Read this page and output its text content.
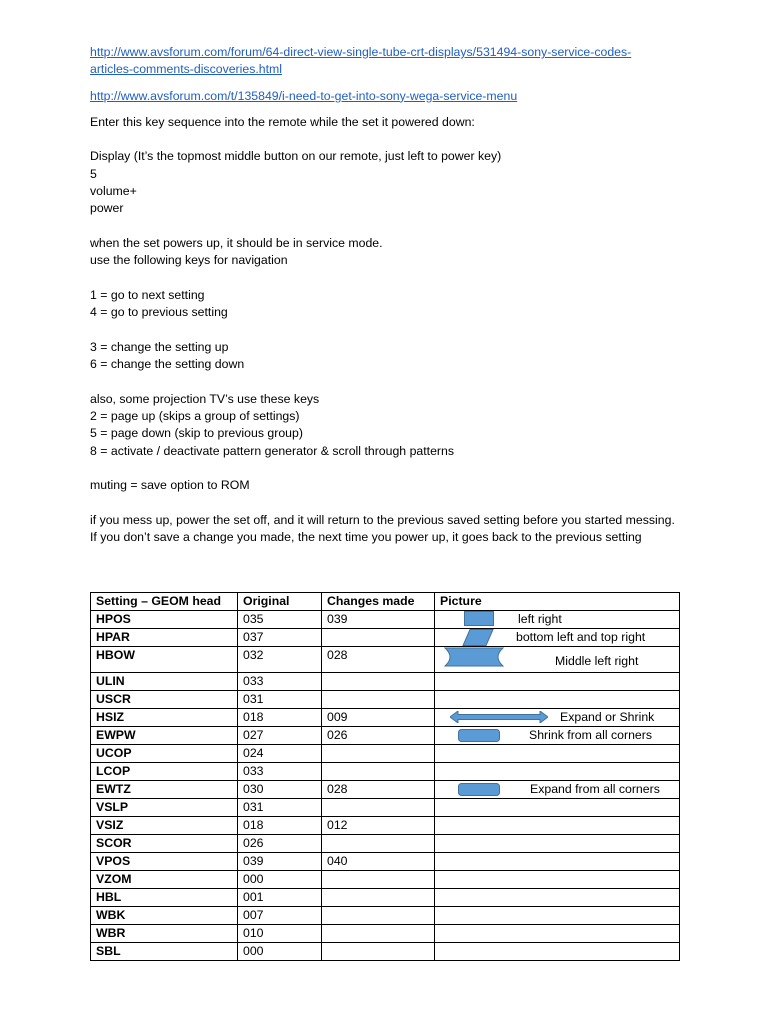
http://www.avsforum.com/forum/64-direct-view-single-tube-crt-displays/531494-sony-service-codes-

articles-comments-discoveries.html

http://www.avsforum.com/t/135849/i-need-to-get-into-sony-wega-service-menu

Enter this key sequence into the remote while the set it powered down:

Display (It’s the topmost middle button on our remote, just left to power key)

5

volume+

power

when the set powers up, it should be in service mode.

use the following keys for navigation

1 = go to next setting

4 = go to previous setting

3 = change the setting up

6 = change the setting down

also, some projection TV’s use these keys

2 = page up (skips a group of settings)

5 = page down (skip to previous group)

8 = activate / deactivate pattern generator & scroll through patterns

muting = save option to ROM

if you mess up, power the set off, and it will return to the previous saved setting before you started messing. If you don’t save a change you made, the next time you power up, it goes back to the previous setting

Setting – GEOM head	Original	Changes made	Picture
HPOS	035	039	left right

HPAR	037		bottom left and top right

HBOW	032	028	Middle left right

ULIN	033		
USCR	031		
HSIZ	018	009	Expand or Shrink

EWPW	027	026	Shrink from all corners

UCOP	024		
LCOP	033		
EWTZ	030	028	Expand from all corners

VSLP	031		
VSIZ	018	012	
SCOR	026		
VPOS	039	040	
VZOM	000		
HBL	001		
WBK	007		
WBR	010		
SBL	000		
